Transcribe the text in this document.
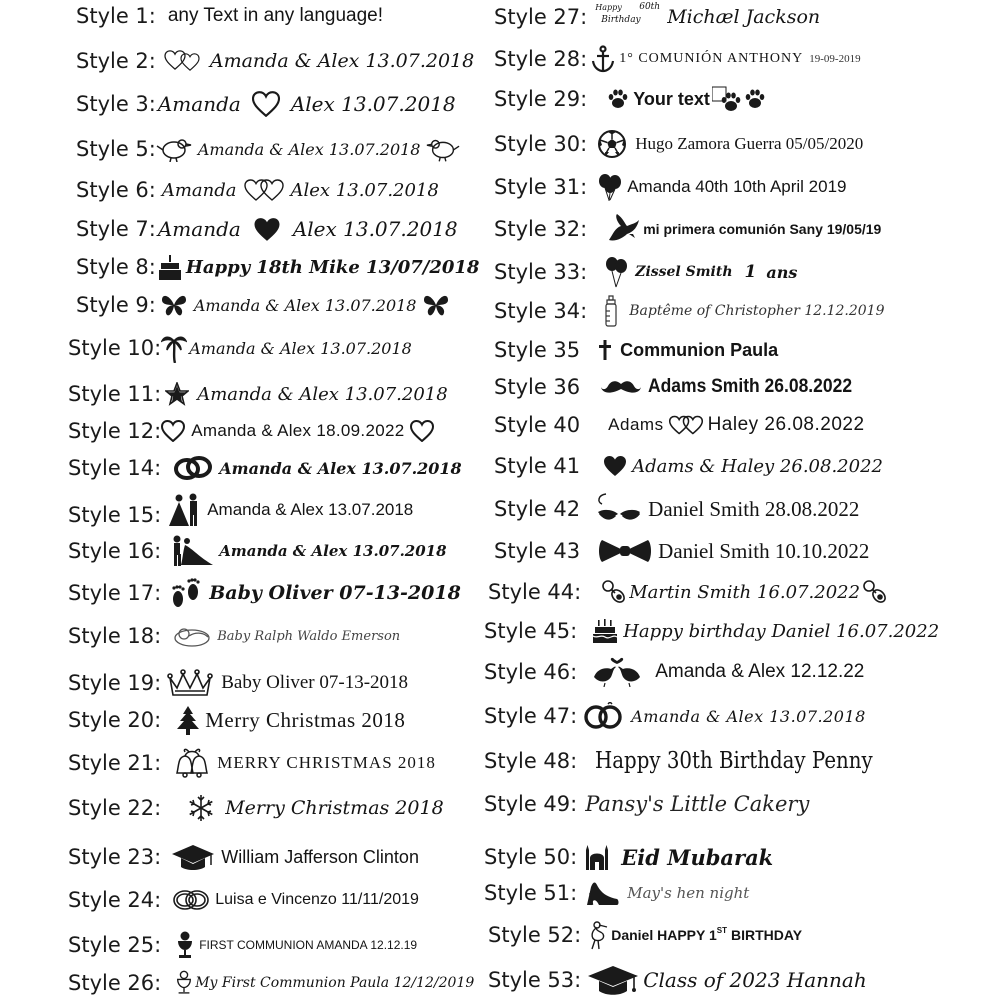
Style 1: any Text in any language!
Style 2:	Amanda & Alex 13.07.2018
Style 3: Amanda	Alex 13.07.2018
Style 5:	Amanda & Alex 13.07.2018
Style 6: Amanda	Alex 13.07.2018
Style 7: Amanda	Alex 13.07.2018
Style 8: Happy 18th Mike 13/07/2018
Style 9: Amanda & Alex 13.07.2018
Style 10: Amanda & Alex 13.07.2018
Style 11: Amanda & Alex 13.07.2018
Style 12: Amanda & Alex 18.09.2022
Style 14:	Amanda & Alex 13.07.2018
Style 15:	Amanda & Alex 13.07.2018
Style 16:	Amanda & Alex 13.07.2018
Style 17:	Baby Oliver 07-13-2018
Style 18:	Baby Ralph Waldo Emerson
Style 19:	Baby Oliver 07-13-2018
Style 20: Merry Christmas 2018
Style 21:	MERRY CHRISTMAS 2018
Style 22:	Merry Christmas 2018
Style 23:	William Jafferson Clinton
Style 24:	Luisa e Vincenzo 11/11/2019
Style 25:	FIRST COMMUNION AMANDA 12.12.19
Style 26: My First Communion Paula 12/12/2019
Style 27: Happy
Birthday
60th Michæl Jackson
Style 28: 1° COMUNIÓN ANTHONY 19-09-2019
Style 29:	Your text
Style 30:	Hugo Zamora Guerra 05/05/2020
Style 31: Amanda 40th 10th April 2019
Style 32:	mi primera comunión Sany 19/05/19
Style 33:	Zissel Smith 1 ans
Style 34:	Baptême of Christopher 12.12.2019
Style 35 Communion Paula
Style 36	Adams Smith 26.08.2022
Style 40 Adams Haley 26.08.2022
Style 41	Adams & Haley 26.08.2022
Style 42	Daniel Smith 28.08.2022
Style 43	Daniel Smith 10.10.2022
Style 44:	Martin Smith 16.07.2022
Style 45:	Happy birthday Daniel 16.07.2022
Style 46:	Amanda & Alex 12.12.22
Style 47:	Amanda & Alex 13.07.2018
Style 48: Happy 30th Birthday Penny
Style 49: Pansy's Little Cakery
Style 50: Eid Mubarak
Style 51:	May's hen night
Style 52: Daniel HAPPY 1ST BIRTHDAY
Style 53:	Class of 2023 Hannah
